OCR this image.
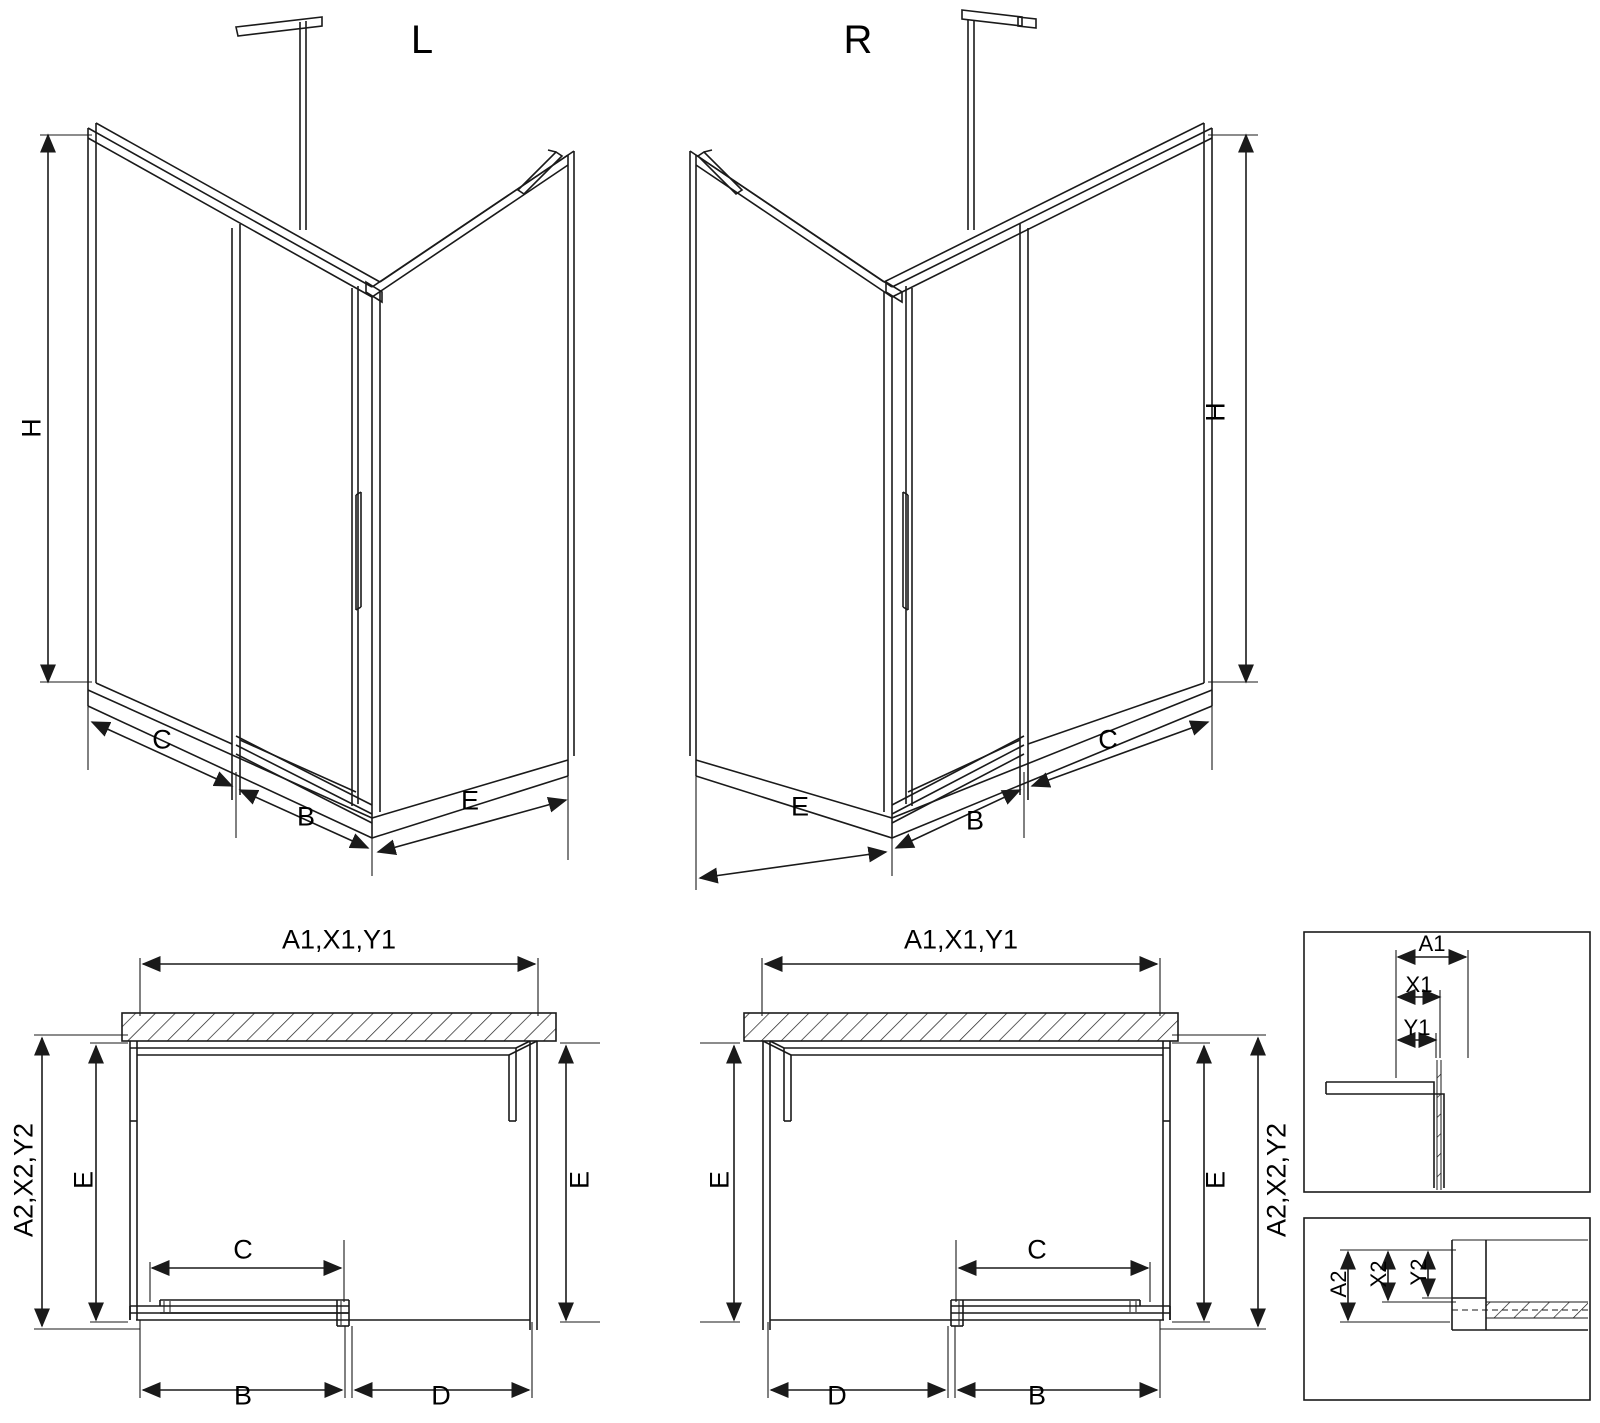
L
H
C
B
E
R
H
C
B
E
A1,X1,Y1
A2,X2,Y2 E	E
C
B	D
A1,X1,Y1
A2,X2,Y2
E
E
C
D	B
A1
X1
Y1
A2 X2 Y2
